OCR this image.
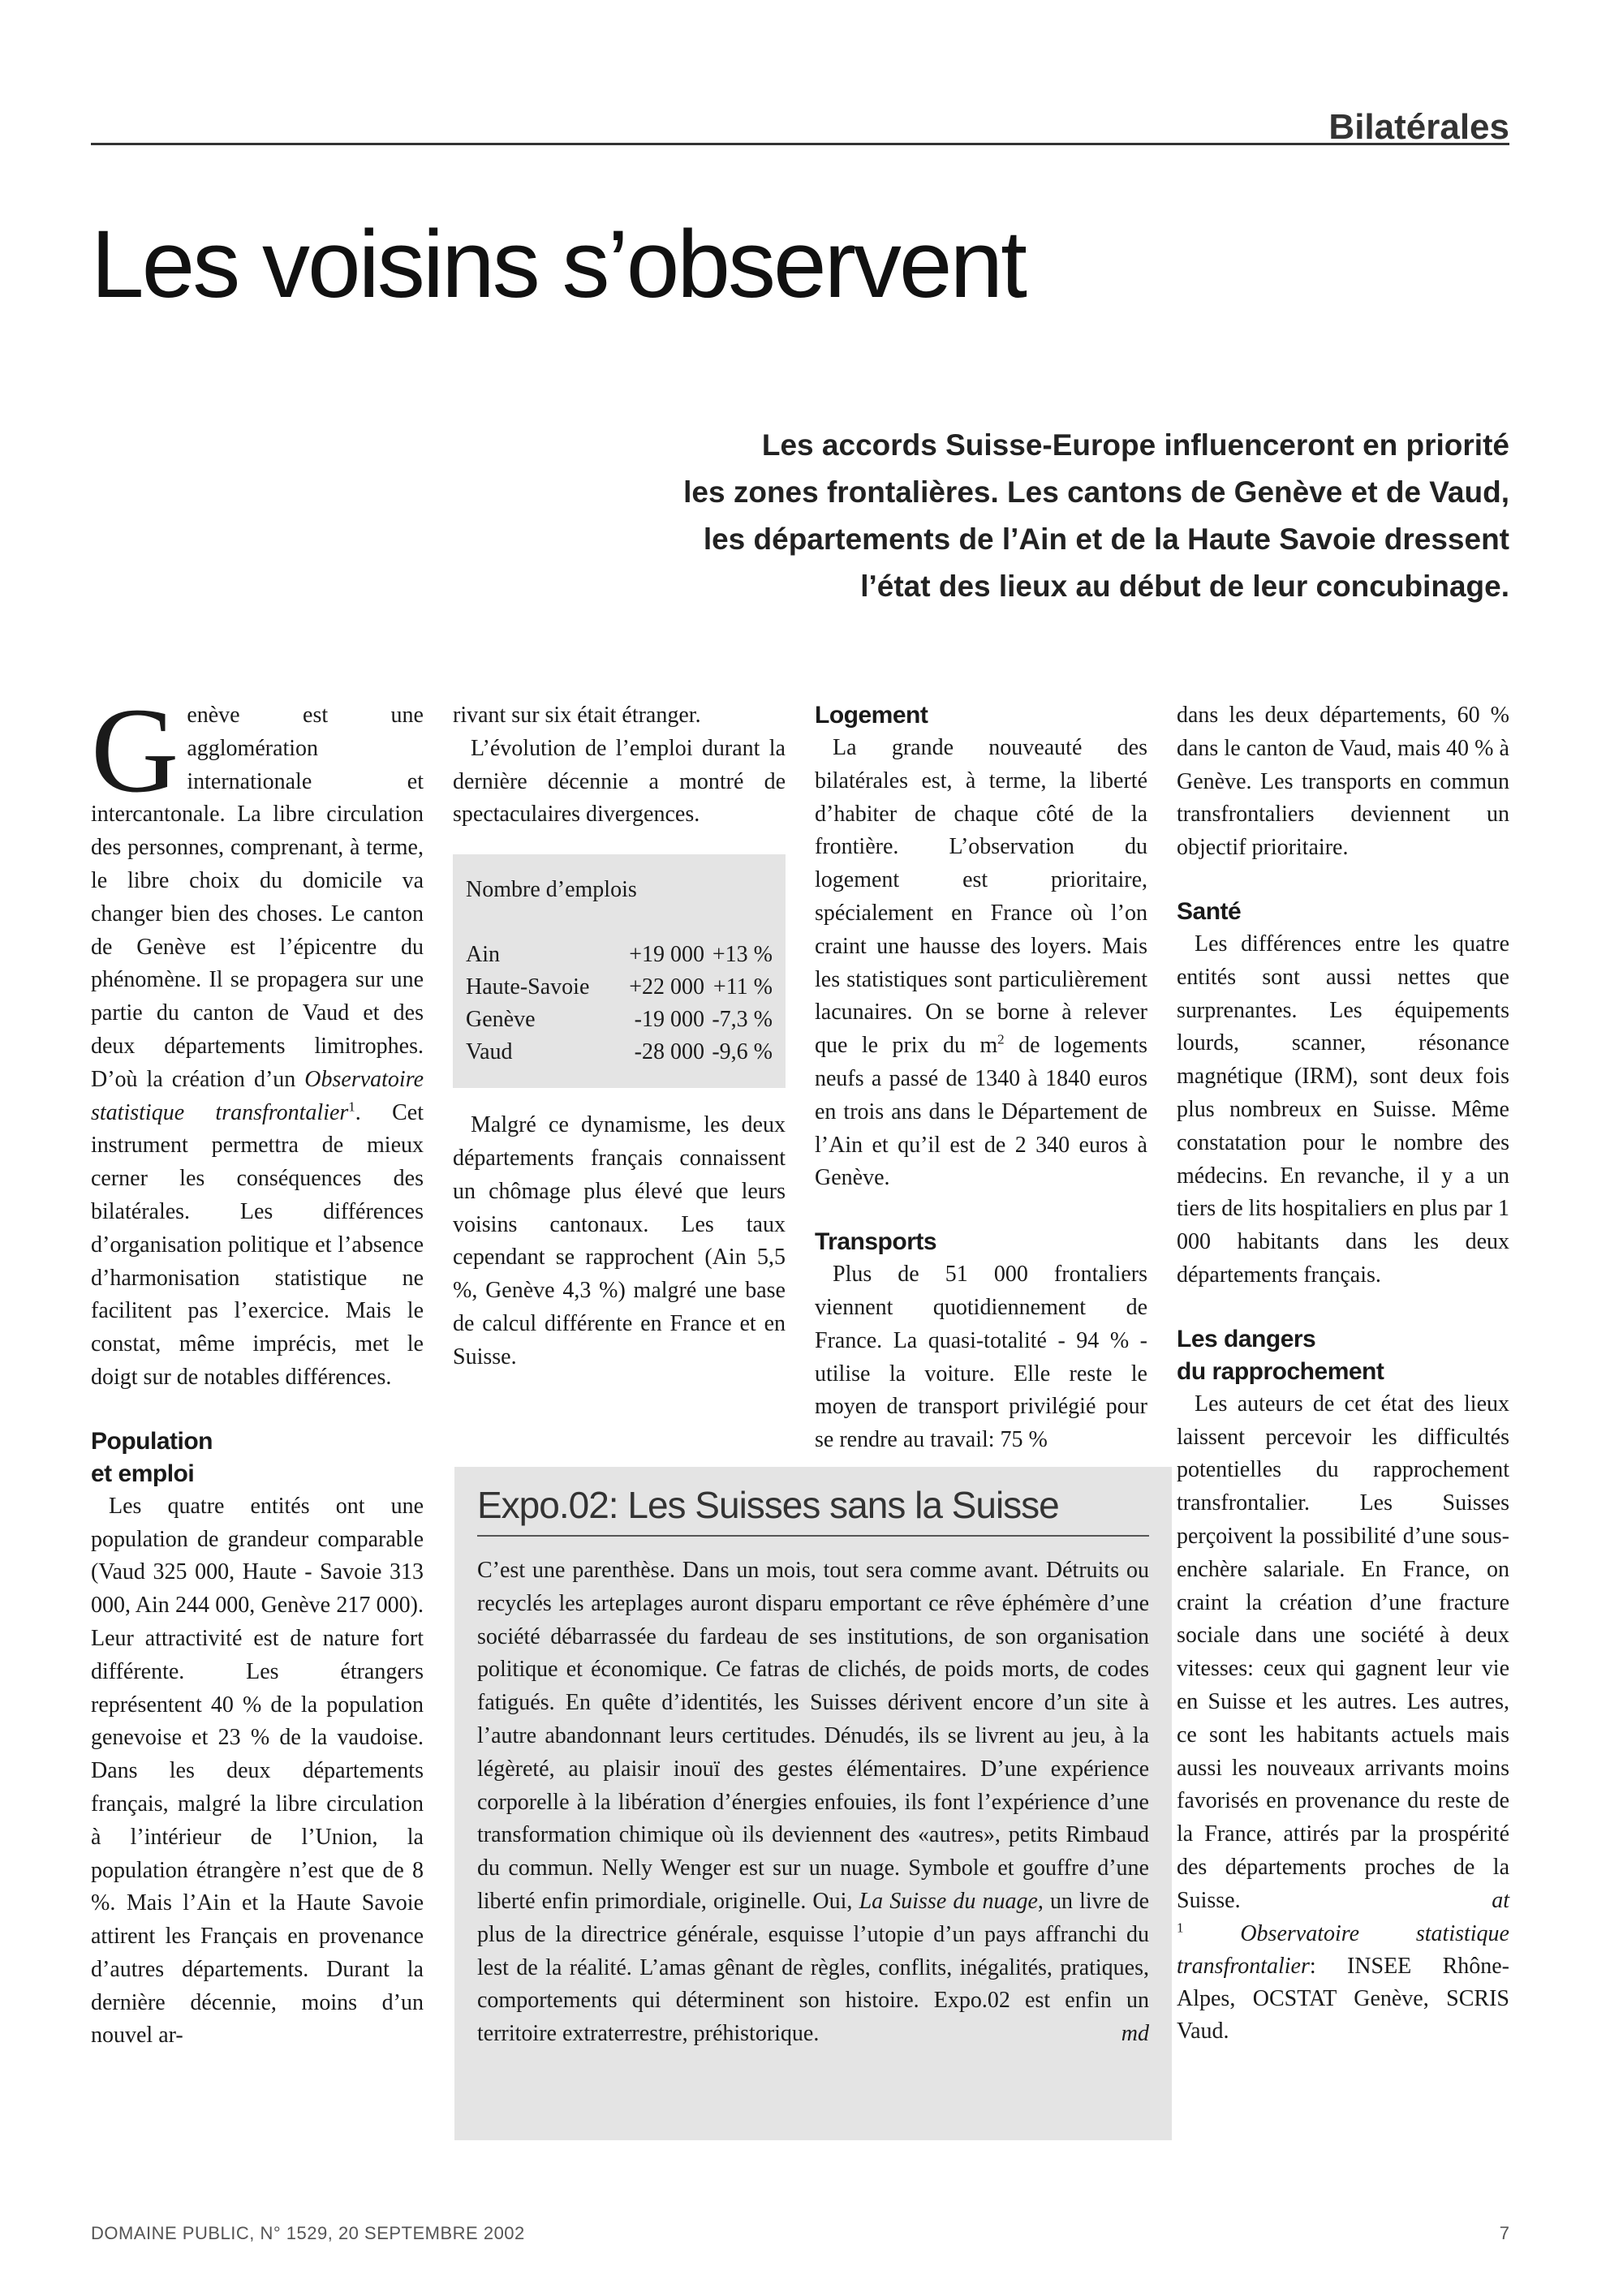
Bilatérales
Les voisins s’observent

Les accords Suisse-Europe influenceront en priorité

les zones frontalières. Les cantons de Genève et de Vaud,

les départements de l’Ain et de la Haute Savoie dressent

l’état des lieux au début de leur concubinage.

Genève est une agglomération internationale et intercantonale. La libre circulation des personnes, comprenant, à terme, le libre choix du domicile va changer bien des choses. Le canton de Genève est l’épicentre du phénomène. Il se propagera sur une partie du canton de Vaud et des deux départements limitrophes. D’où la création d’un Observatoire statistique transfrontalier$^1$. Cet instrument permettra de mieux cerner les conséquences des bilatérales. Les différences d’organisation politique et l’absence d’harmonisation statistique ne facilitent pas l’exercice. Mais le constat, même imprécis, met le doigt sur de notables différences.

Population
et emploi

Les quatre entités ont une population de grandeur comparable (Vaud 325 000, Haute - Savoie 313 000, Ain 244 000, Genève 217 000). Leur attractivité est de nature fort différente. Les étrangers représentent 40 % de la population genevoise et 23 % de la vaudoise. Dans les deux départements français, malgré la libre circulation à l’intérieur de l’Union, la population étrangère n’est que de 8 %. Mais l’Ain et la Haute Savoie attirent les Français en provenance d’autres départements. Durant la dernière décennie, moins d’un nouvel ar-

rivant sur six était étranger.

L’évolution de l’emploi durant la dernière décennie a montré de spectaculaires divergences.

Nombre d’emplois
Ain	+19 000	+13 %
Haute-Savoie	+22 000	+11 %
Genève	-19 000	-7,3 %
Vaud	-28 000	-9,6 %

Malgré ce dynamisme, les deux départements français connaissent un chômage plus élevé que leurs voisins cantonaux. Les taux cependant se rapprochent (Ain 5,5 %, Genève 4,3 %) malgré une base de calcul différente en France et en Suisse.

Logement

La grande nouveauté des bilatérales est, à terme, la liberté d’habiter de chaque côté de la frontière. L’observation du logement est prioritaire, spécialement en France où l’on craint une hausse des loyers. Mais les statistiques sont particulièrement lacunaires. On se borne à relever que le prix du $m^2$ de logements neufs a passé de 1340 à 1840 euros en trois ans dans le Département de l’Ain et qu’il est de 2 340 euros à Genève.

Transports

Plus de 51 000 frontaliers viennent quotidiennement de France. La quasi-totalité - 94 % - utilise la voiture. Elle reste le moyen de transport privilégié pour se rendre au travail: 75 %

dans les deux départements, 60 % dans le canton de Vaud, mais 40 % à Genève. Les transports en commun transfrontaliers deviennent un objectif prioritaire.

Santé

Les différences entre les quatre entités sont aussi nettes que surprenantes. Les équipements lourds, scanner, résonance magnétique (IRM), sont deux fois plus nombreux en Suisse. Même constatation pour le nombre des médecins. En revanche, il y a un tiers de lits hospitaliers en plus par 1 000 habitants dans les deux départements français.

Les dangers
du rapprochement

Les auteurs de cet état des lieux laissent percevoir les difficultés potentielles du rapprochement transfrontalier. Les Suisses perçoivent la possibilité d’une sous-enchère salariale. En France, on craint la création d’une fracture sociale dans une société à deux vitesses: ceux qui gagnent leur vie en Suisse et les autres. Les autres, ce sont les habitants actuels mais aussi les nouveaux arrivants moins favorisés en provenance du reste de la France, attirés par la prospérité des départements proches de la Suisse.	at

$^1$ Observatoire statistique transfrontalier: INSEE Rhône-Alpes, OCSTAT Genève, SCRIS Vaud.

Expo.02: Les Suisses sans la Suisse
C’est une parenthèse. Dans un mois, tout sera comme avant. Détruits ou recyclés les arteplages auront disparu emportant ce rêve éphémère d’une société débarrassée du fardeau de ses institutions, de son organisation politique et économique. Ce fatras de clichés, de poids morts, de codes fatigués. En quête d’identités, les Suisses dérivent encore d’un site à l’autre abandonnant leurs certitudes. Dénudés, ils se livrent au jeu, à la légèreté, au plaisir inouï des gestes élémentaires. D’une expérience corporelle à la libération d’énergies enfouies, ils font l’expérience d’une transformation chimique où ils deviennent des «autres», petits Rimbaud du commun. Nelly Wenger est sur un nuage. Symbole et gouffre d’une liberté enfin primordiale, originelle. Oui, La Suisse du nuage, un livre de plus de la directrice générale, esquisse l’utopie d’un pays affranchi du lest de la réalité. L’amas gênant de règles, conflits, inégalités, pratiques, comportements qui déterminent son histoire. Expo.02 est enfin un territoire extraterrestre, préhistorique.	md
DOMAINE PUBLIC, N° 1529, 20 SEPTEMBRE 2002	7
